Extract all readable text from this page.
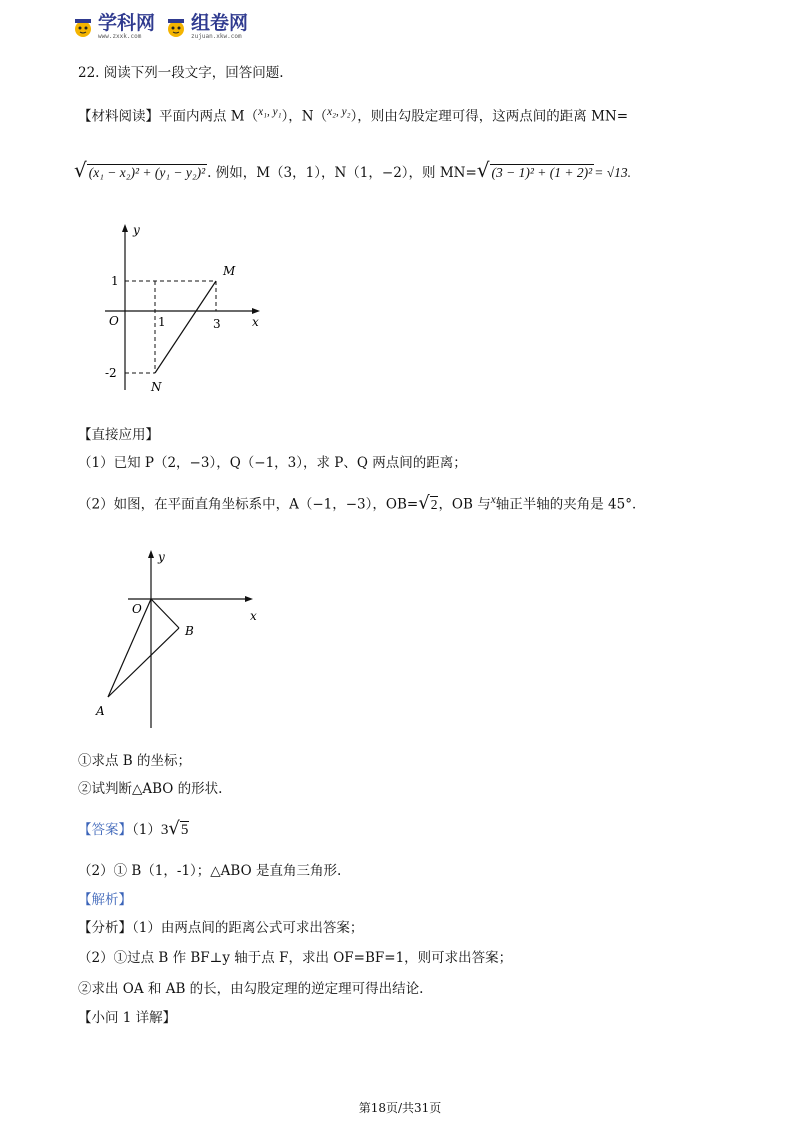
学科网
www.zxxk.com
组卷网
zujuan.xkw.com
22. 阅读下列一段文字，回答问题.
【材料阅读】平面内两点 M（$^{x_1, y_1}$），N（$^{x_2, y_2}$），则由勾股定理可得，这两点间的距离 MN=
√ (x₁ − x₂)² + (y₁ − y₂)² . 例如，M（3，1），N（1，−2），则 MN=√ (3 − 1)² + (1 + 2)² = √13.
y
x
O
1
-2
1	3
M
N
【直接应用】
（1）已知 P（2，−3），Q（−1，3），求 P、Q 两点间的距离；
（2）如图，在平面直角坐标系中，A（−1，−3），OB=√2，OB 与$^x$轴正半轴的夹角是 45°．
y
x
O
B
A
①求点 B 的坐标；
②试判断△ABO 的形状.
【答案】（1）3√5
（2）① B（1，-1）；△ABO 是直角三角形.
【解析】
【分析】（1）由两点间的距离公式可求出答案；
（2）①过点 B 作 BF⊥y 轴于点 F，求出 OF=BF=1，则可求出答案；
②求出 OA 和 AB 的长，由勾股定理的逆定理可得出结论.
【小问 1 详解】
第18页/共31页
